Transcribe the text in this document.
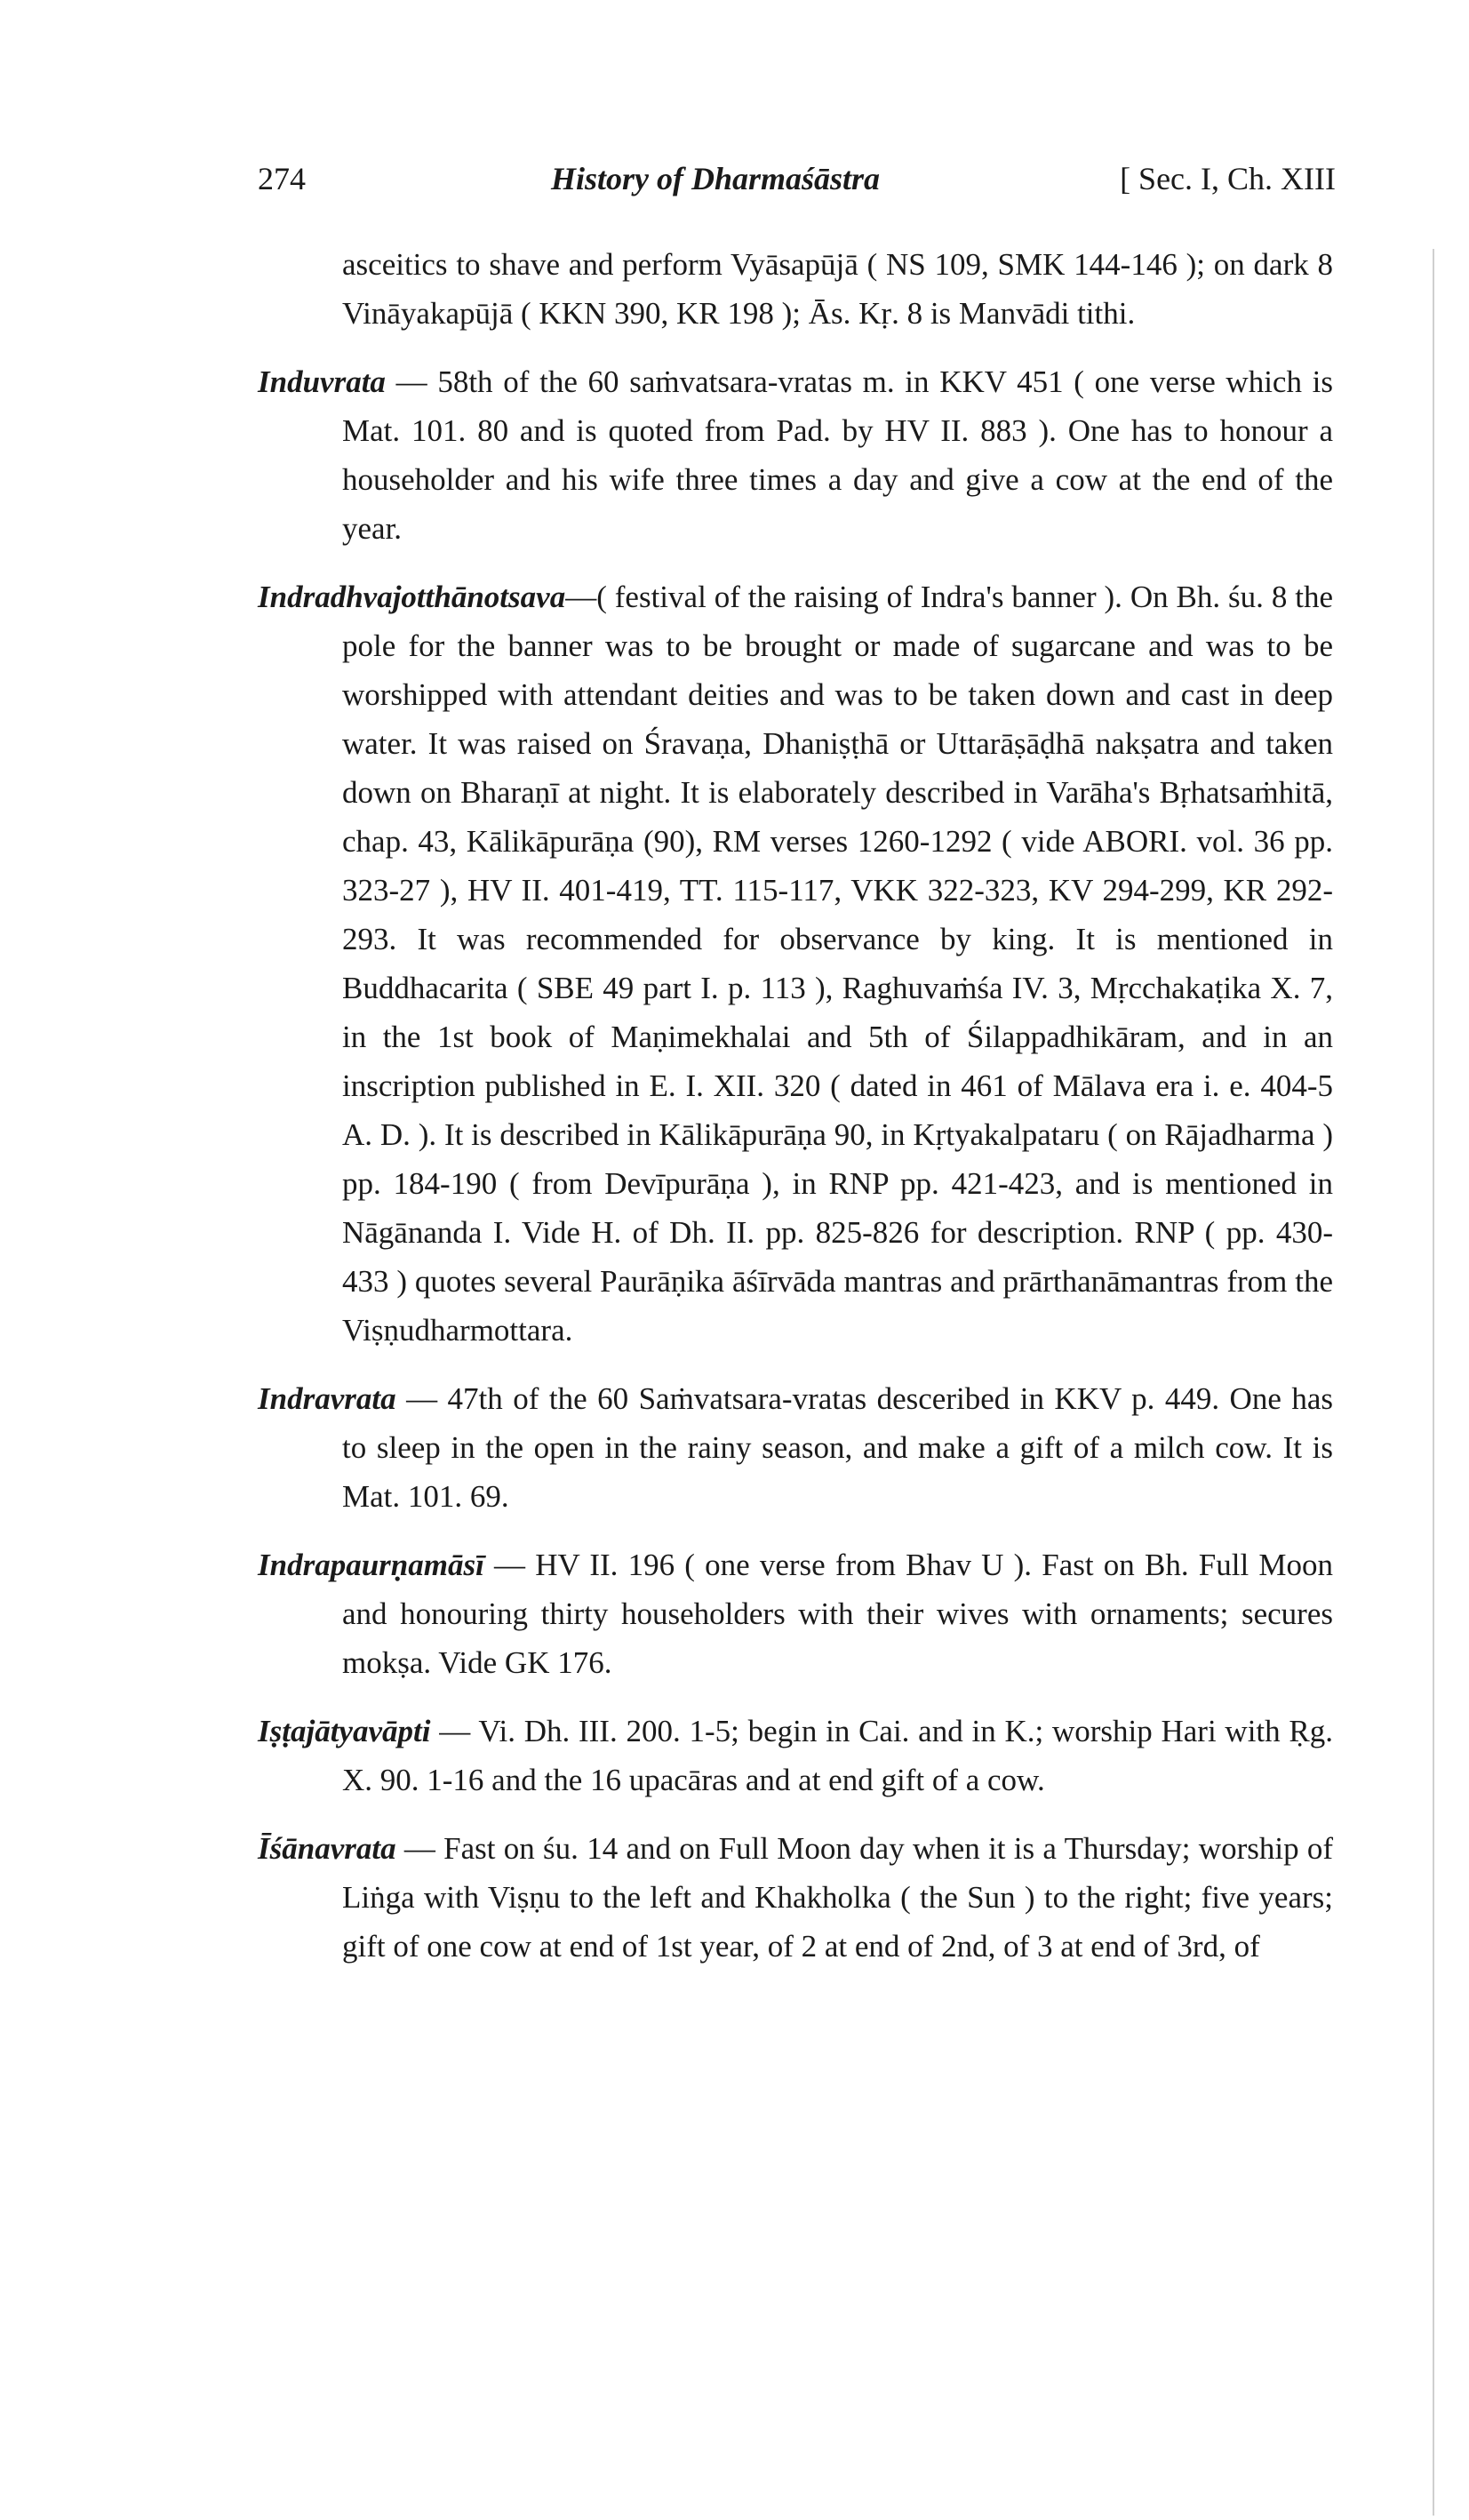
274	History of Dharmaśāstra	[ Sec. I, Ch. XIII

asceitics to shave and perform Vyāsapūjā ( NS 109, SMK 144-146 ); on dark 8 Vināyakapūjā ( KKN 390, KR 198 ); Ās. Kṛ. 8 is Manvādi tithi.

Induvrata — 58th of the 60 saṁvatsara-vratas m. in KKV 451 ( one verse which is Mat. 101. 80 and is quoted from Pad. by HV II. 883 ). One has to honour a householder and his wife three times a day and give a cow at the end of the year.

Indradhvajotthānotsava—( festival of the raising of Indra's banner ). On Bh. śu. 8 the pole for the banner was to be brought or made of sugarcane and was to be worshipped with attendant deities and was to be taken down and cast in deep water. It was raised on Śravaṇa, Dhaniṣṭhā or Uttarāṣāḍhā nakṣatra and taken down on Bharaṇī at night. It is elaborately described in Varāha's Bṛhatsaṁhitā, chap. 43, Kālikāpurāṇa (90), RM verses 1260-1292 ( vide ABORI. vol. 36 pp. 323-27 ), HV II. 401-419, TT. 115-117, VKK 322-323, KV 294-299, KR 292-293. It was recommended for observance by king. It is mentioned in Buddhacarita ( SBE 49 part I. p. 113 ), Raghuvaṁśa IV. 3, Mṛcchakaṭika X. 7, in the 1st book of Maṇimekhalai and 5th of Śilappadhikāram, and in an inscription published in E. I. XII. 320 ( dated in 461 of Mālava era i. e. 404-5 A. D. ). It is described in Kālikāpurāṇa 90, in Kṛtyakalpataru ( on Rājadharma ) pp. 184-190 ( from Devīpurāṇa ), in RNP pp. 421-423, and is mentioned in Nāgānanda I. Vide H. of Dh. II. pp. 825-826 for description. RNP ( pp. 430-433 ) quotes several Paurāṇika āśīrvāda mantras and prārthanāmantras from the Viṣṇudharmottara.

Indravrata — 47th of the 60 Saṁvatsara-vratas desceribed in KKV p. 449. One has to sleep in the open in the rainy season, and make a gift of a milch cow. It is Mat. 101. 69.

Indrapaurṇamāsī — HV II. 196 ( one verse from Bhav U ). Fast on Bh. Full Moon and honouring thirty householders with their wives with ornaments; secures mokṣa. Vide GK 176.

Iṣṭajātyavāpti — Vi. Dh. III. 200. 1-5; begin in Cai. and in K.; worship Hari with Ṛg. X. 90. 1-16 and the 16 upacāras and at end gift of a cow.

Īśānavrata — Fast on śu. 14 and on Full Moon day when it is a Thursday; worship of Liṅga with Viṣṇu to the left and Khakholka ( the Sun ) to the right; five years; gift of one cow at end of 1st year, of 2 at end of 2nd, of 3 at end of 3rd, of
